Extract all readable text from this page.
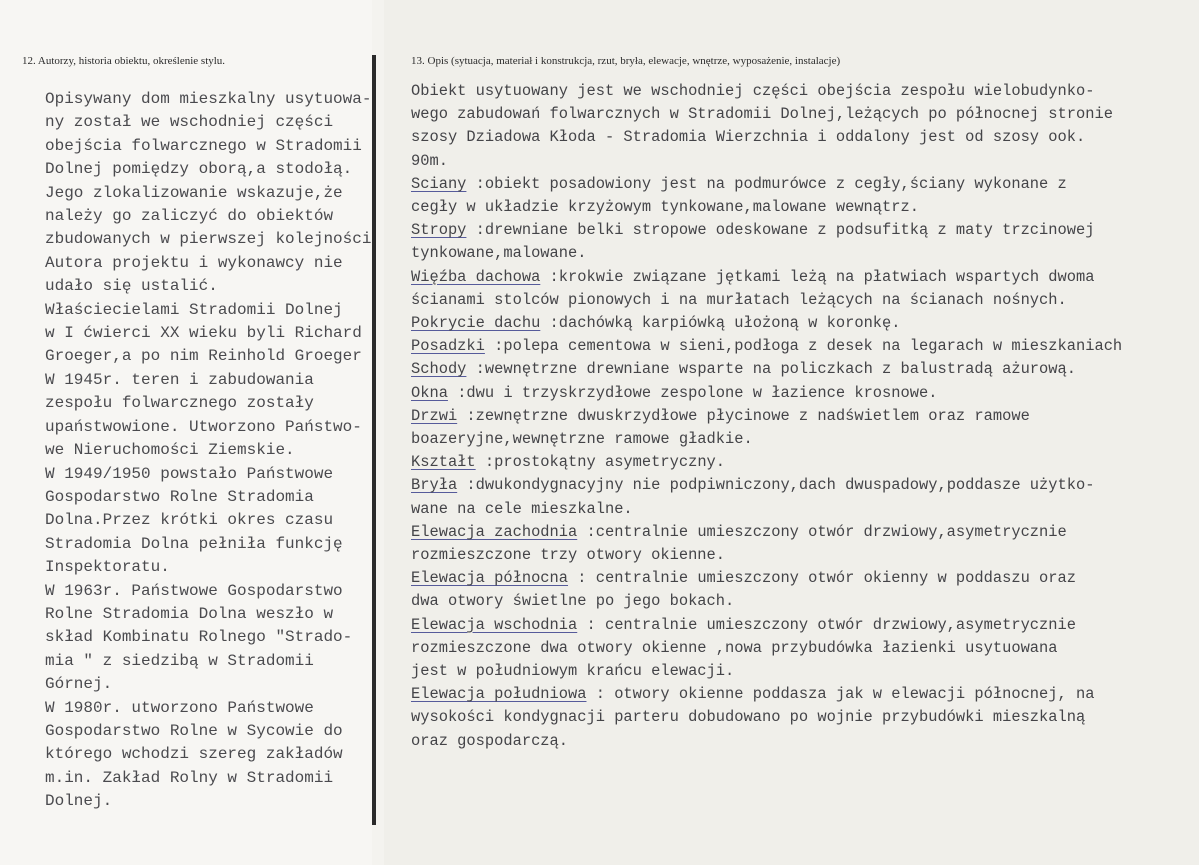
12. Autorzy, historia obiektu, określenie stylu.	13. Opis (sytuacja, materiał i konstrukcja, rzut, bryła, elewacje, wnętrze, wyposażenie, instalacje)
Opisywany dom mieszkalny usytuowa-
ny został we wschodniej części
obejścia folwarcznego w Stradomii
Dolnej pomiędzy oborą,a stodołą.
Jego zlokalizowanie wskazuje,że
należy go zaliczyć do obiektów
zbudowanych w pierwszej kolejności
Autora projektu i wykonawcy nie
udało się ustalić.
Właściecielami Stradomii Dolnej
w I ćwierci XX wieku byli Richard
Groeger,a po nim Reinhold Groeger
W 1945r. teren i zabudowania
zespołu folwarcznego zostały
upaństwowione. Utworzono Państwo-
we Nieruchomości Ziemskie.
W 1949/1950 powstało Państwowe
Gospodarstwo Rolne Stradomia
Dolna.Przez krótki okres czasu
Stradomia Dolna pełniła funkcję
Inspektoratu.
W 1963r. Państwowe Gospodarstwo
Rolne Stradomia Dolna weszło w
skład Kombinatu Rolnego "Strado-
mia " z siedzibą w Stradomii
Górnej.
W 1980r. utworzono Państwowe
Gospodarstwo Rolne w Sycowie do
którego wchodzi szereg zakładów
m.in. Zakład Rolny w Stradomii
Dolnej.
Obiekt usytuowany jest we wschodniej części obejścia zespołu wielobudynko-
wego zabudowań folwarcznych w Stradomii Dolnej,leżących po północnej stronie
szosy Dziadowa Kłoda - Stradomia Wierzchnia i oddalony jest od szosy ook.
90m.
Sciany :obiekt posadowiony jest na podmurówce z cegły,ściany wykonane z
cegły w układzie krzyżowym tynkowane,malowane wewnątrz.
Stropy :drewniane belki stropowe odeskowane z podsufitką z maty trzcinowej
tynkowane,malowane.
Więźba dachowa :krokwie związane jętkami leżą na płatwiach wspartych dwoma
ścianami stolców pionowych i na murłatach leżących na ścianach nośnych.
Pokrycie dachu :dachówką karpiówką ułożoną w koronkę.
Posadzki :polepa cementowa w sieni,podłoga z desek na legarach w mieszkaniach
Schody :wewnętrzne drewniane wsparte na policzkach z balustradą ażurową.
Okna :dwu i trzyskrzydłowe zespolone w łazience krosnowe.
Drzwi :zewnętrzne dwuskrzydłowe płycinowe z nadświetlem oraz ramowe
boazeryjne,wewnętrzne ramowe gładkie.
Kształt :prostokątny asymetryczny.
Bryła :dwukondygnacyjny nie podpiwniczony,dach dwuspadowy,poddasze użytko-
wane na cele mieszkalne.
Elewacja zachodnia :centralnie umieszczony otwór drzwiowy,asymetrycznie
rozmieszczone trzy otwory okienne.
Elewacja północna : centralnie umieszczony otwór okienny w poddaszu oraz
dwa otwory świetlne po jego bokach.
Elewacja wschodnia : centralnie umieszczony otwór drzwiowy,asymetrycznie
rozmieszczone dwa otwory okienne ,nowa przybudówka łazienki usytuowana
jest w południowym krańcu elewacji.
Elewacja południowa : otwory okienne poddasza jak w elewacji północnej, na
wysokości kondygnacji parteru dobudowano po wojnie przybudówki mieszkalną
oraz gospodarczą.
